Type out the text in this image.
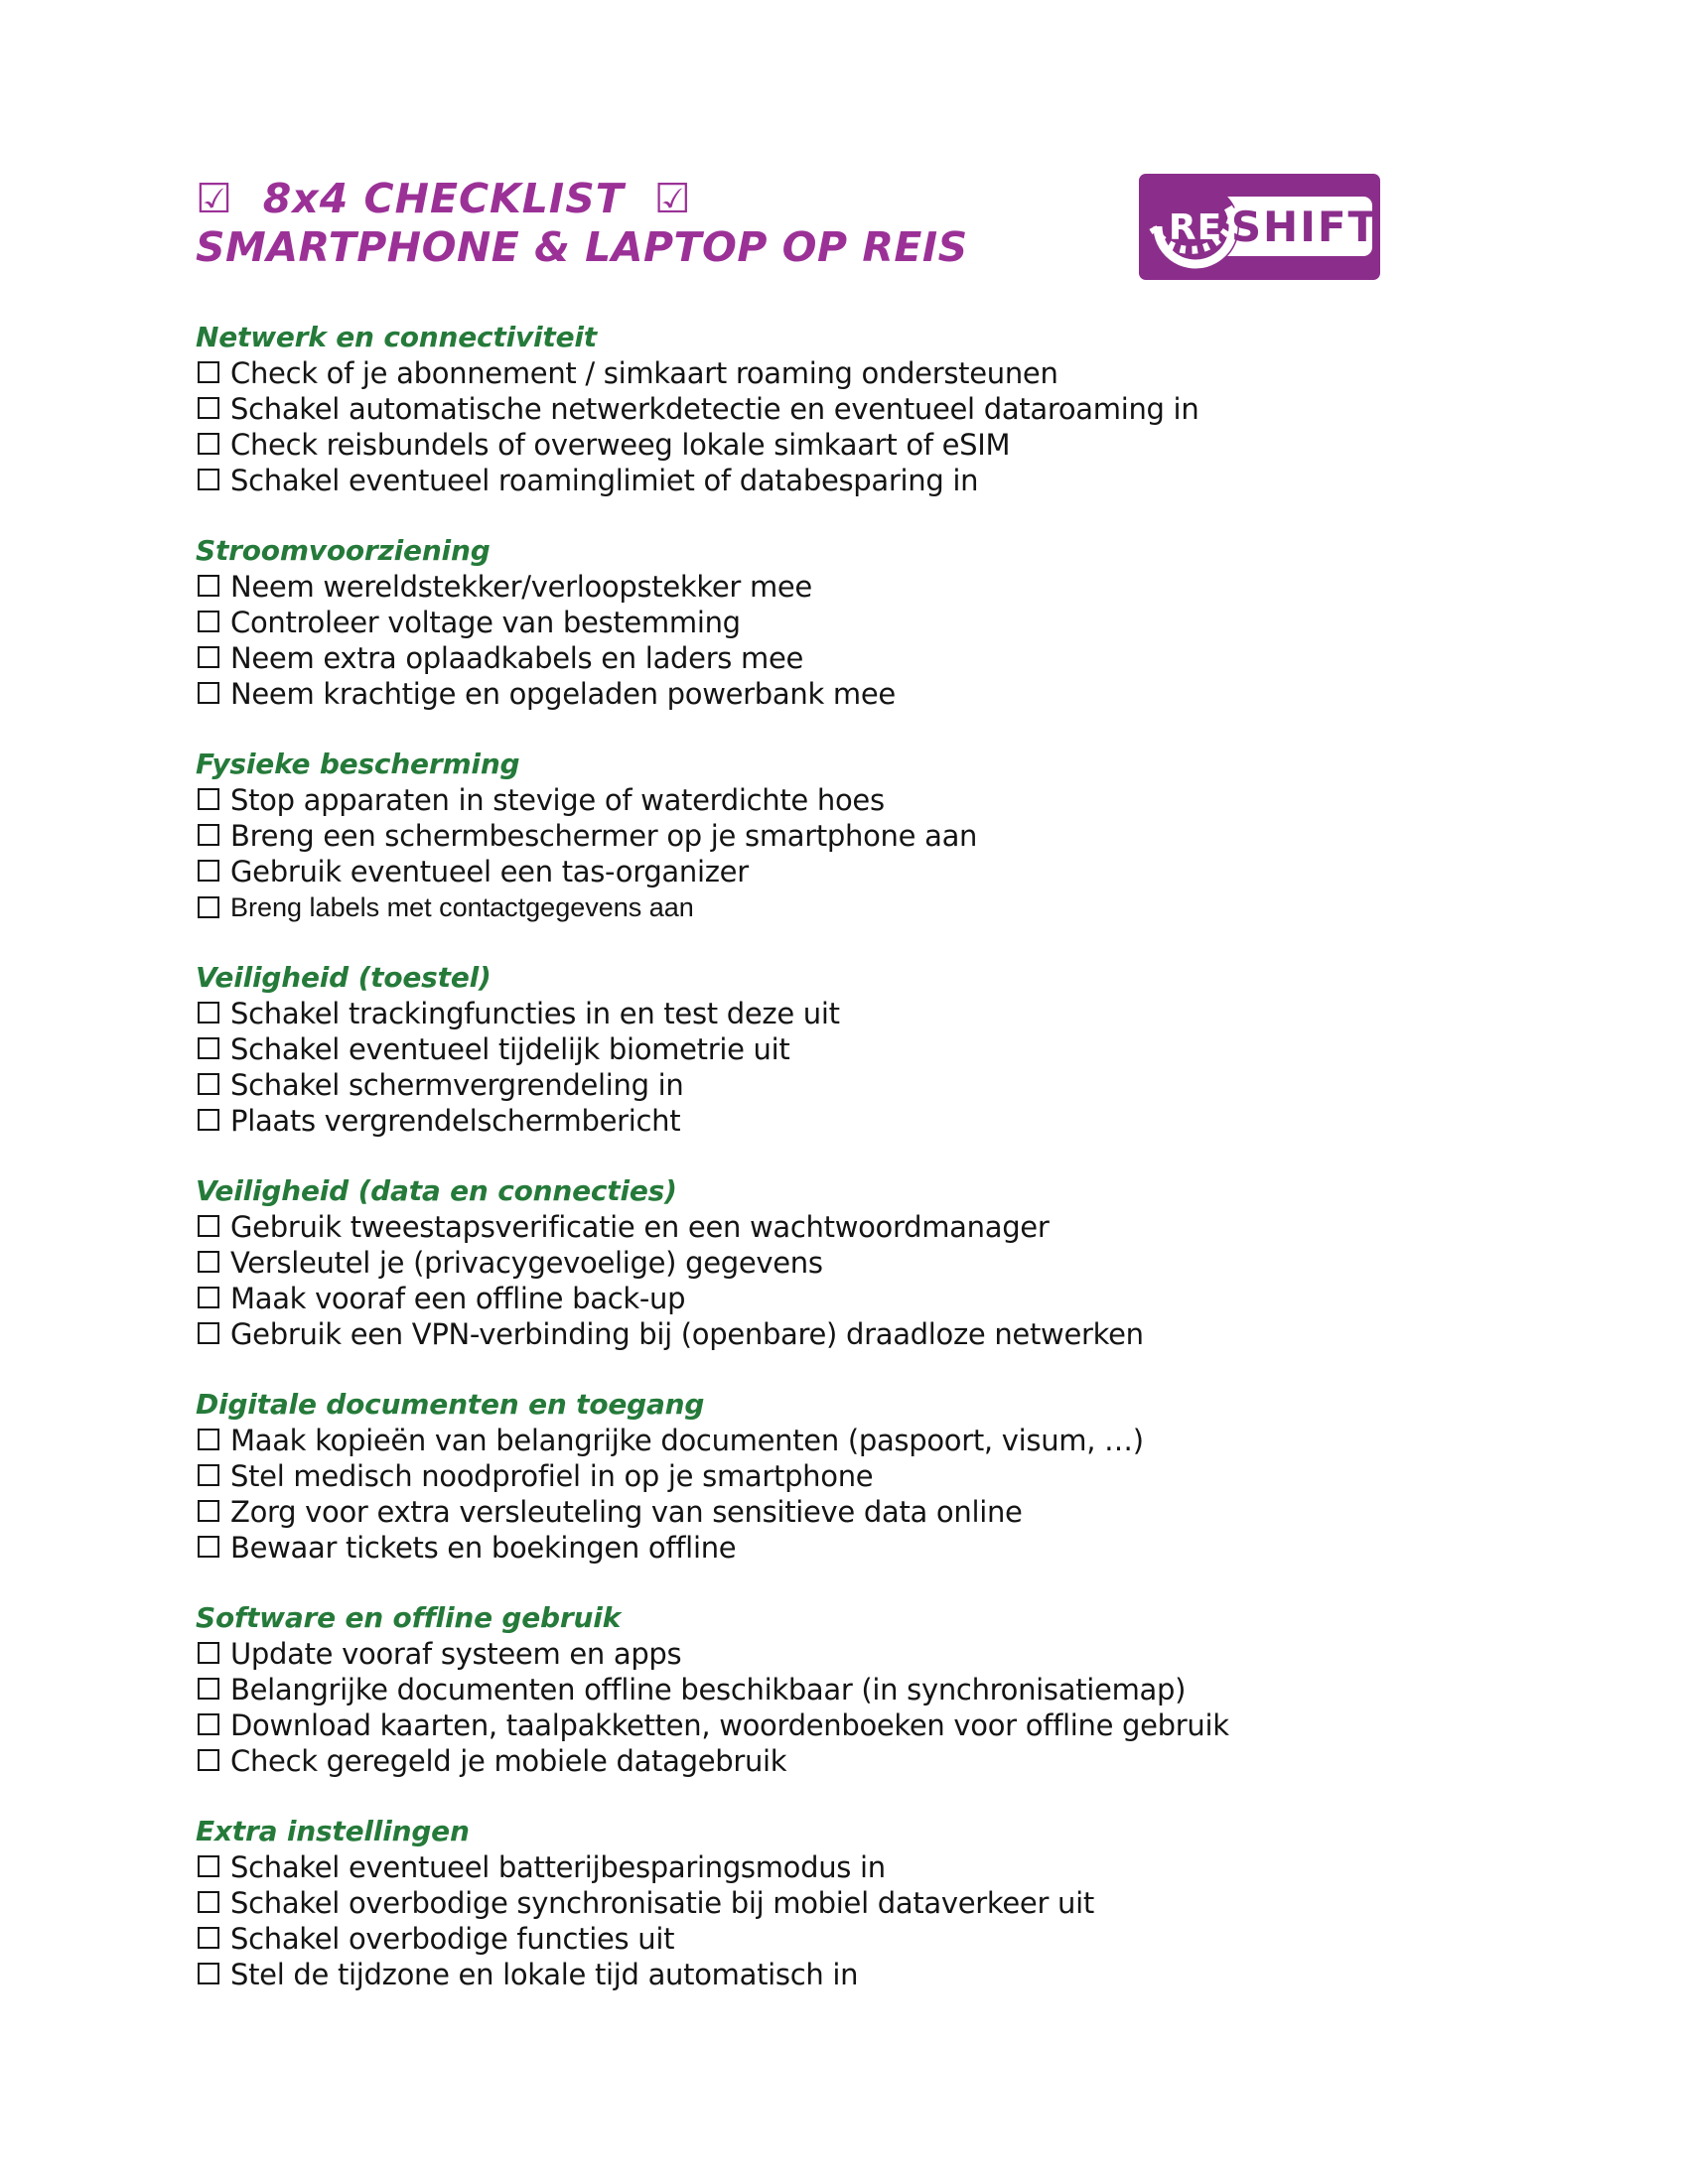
☑ 8x4 CHECKLIST ☑
SMARTPHONE & LAPTOP OP REIS	RE SHIFT
Netwerk en connectiviteit
Check of je abonnement / simkaart roaming ondersteunen
Schakel automatische netwerkdetectie en eventueel dataroaming in
Check reisbundels of overweeg lokale simkaart of eSIM
Schakel eventueel roaminglimiet of databesparing in
Stroomvoorziening
Neem wereldstekker/verloopstekker mee
Controleer voltage van bestemming
Neem extra oplaadkabels en laders mee
Neem krachtige en opgeladen powerbank mee
Fysieke bescherming
Stop apparaten in stevige of waterdichte hoes
Breng een schermbeschermer op je smartphone aan
Gebruik eventueel een tas-organizer
Breng labels met contactgegevens aan
Veiligheid (toestel)
Schakel trackingfuncties in en test deze uit
Schakel eventueel tijdelijk biometrie uit
Schakel schermvergrendeling in
Plaats vergrendelschermbericht
Veiligheid (data en connecties)
Gebruik tweestapsverificatie en een wachtwoordmanager
Versleutel je (privacygevoelige) gegevens
Maak vooraf een offline back-up
Gebruik een VPN-verbinding bij (openbare) draadloze netwerken
Digitale documenten en toegang
Maak kopieën van belangrijke documenten (paspoort, visum, …)
Stel medisch noodprofiel in op je smartphone
Zorg voor extra versleuteling van sensitieve data online
Bewaar tickets en boekingen offline
Software en offline gebruik
Update vooraf systeem en apps
Belangrijke documenten offline beschikbaar (in synchronisatiemap)
Download kaarten, taalpakketten, woordenboeken voor offline gebruik
Check geregeld je mobiele datagebruik
Extra instellingen
Schakel eventueel batterijbesparingsmodus in
Schakel overbodige synchronisatie bij mobiel dataverkeer uit
Schakel overbodige functies uit
Stel de tijdzone en lokale tijd automatisch in
